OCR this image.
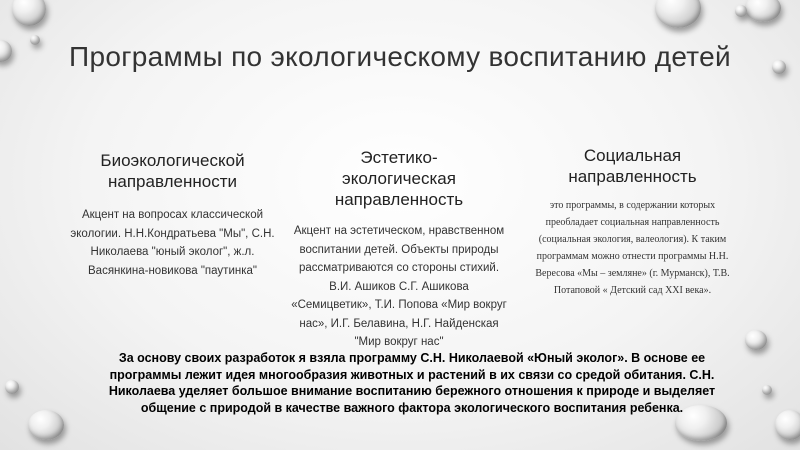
Программы по экологическому воспитанию детей
Биоэкологической направленности
Акцент на вопросах классической экологии. Н.Н.Кондратьева "Мы", С.Н. Николаева "юный эколог", ж.л. Васянкина-новикова "паутинка"
Эстетико-экологическая направленность
Акцент на эстетическом, нравственном воспитании детей. Объекты природы рассматриваются со стороны стихий. В.И. Ашиков С.Г. Ашикова «Семицветик», Т.И. Попова «Мир вокруг нас», И.Г. Белавина, Н.Г. Найденская "Мир вокруг нас"
Социальная направленность
это программы, в содержании которых преобладает социальная направленность (социальная экология, валеология). К таким программам можно отнести программы Н.Н. Вересова «Мы – земляне» (г. Мурманск), Т.В. Потаповой « Детский сад XXI века».
За основу своих разработок я взяла программу С.Н. Николаевой «Юный эколог». В основе ее программы лежит идея многообразия животных и растений в их связи со средой обитания. С.Н. Николаева уделяет большое внимание воспитанию бережного отношения к природе и выделяет общение с природой в качестве важного фактора экологического воспитания ребенка.
